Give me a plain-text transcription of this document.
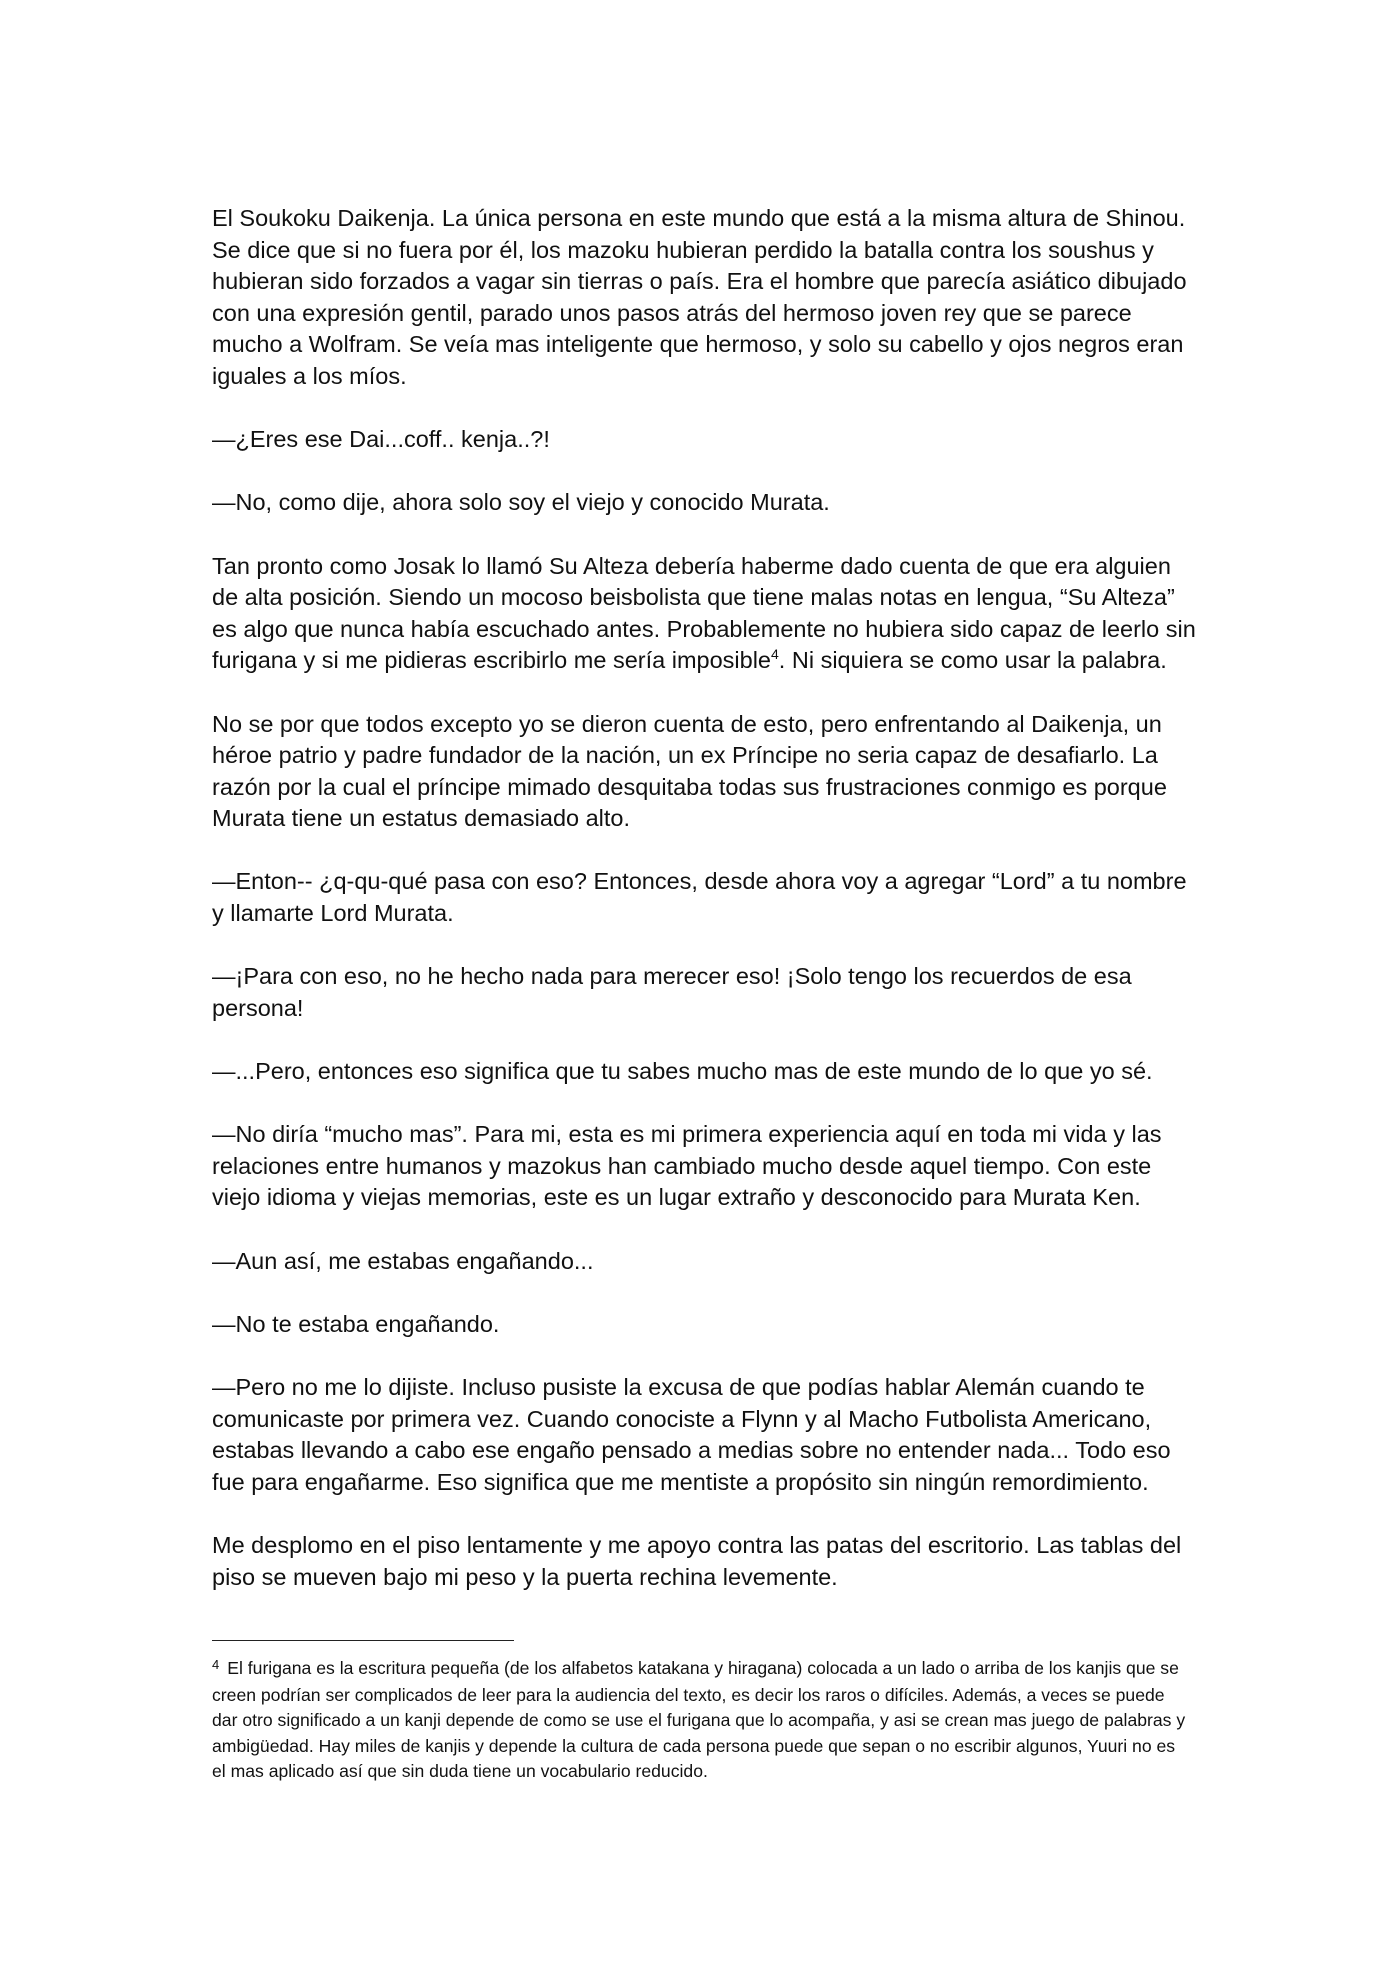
El Soukoku Daikenja. La única persona en este mundo que está a la misma altura de Shinou. Se dice que si no fuera por él, los mazoku hubieran perdido la batalla contra los soushus y hubieran sido forzados a vagar sin tierras o país. Era el hombre que parecía asiático dibujado con una expresión gentil, parado unos pasos atrás del hermoso joven rey que se parece mucho a Wolfram. Se veía mas inteligente que hermoso, y solo su cabello y ojos negros eran iguales a los míos.

—¿Eres ese Dai...coff.. kenja..?!

—No, como dije, ahora solo soy el viejo y conocido Murata.

Tan pronto como Josak lo llamó Su Alteza debería haberme dado cuenta de que era alguien de alta posición. Siendo un mocoso beisbolista que tiene malas notas en lengua, “Su Alteza” es algo que nunca había escuchado antes. Probablemente no hubiera sido capaz de leerlo sin furigana y si me pidieras escribirlo me sería imposible$^4$. Ni siquiera se como usar la palabra.

No se por que todos excepto yo se dieron cuenta de esto, pero enfrentando al Daikenja, un héroe patrio y padre fundador de la nación, un ex Príncipe no seria capaz de desafiarlo. La razón por la cual el príncipe mimado desquitaba todas sus frustraciones conmigo es porque Murata tiene un estatus demasiado alto.

—Enton-- ¿q-qu-qué pasa con eso? Entonces, desde ahora voy a agregar “Lord” a tu nombre y llamarte Lord Murata.

—¡Para con eso, no he hecho nada para merecer eso! ¡Solo tengo los recuerdos de esa persona!

—...Pero, entonces eso significa que tu sabes mucho mas de este mundo de lo que yo sé.

—No diría “mucho mas”. Para mi, esta es mi primera experiencia aquí en toda mi vida y las relaciones entre humanos y mazokus han cambiado mucho desde aquel tiempo. Con este viejo idioma y viejas memorias, este es un lugar extraño y desconocido para Murata Ken.

—Aun así, me estabas engañando...

—No te estaba engañando.

—Pero no me lo dijiste. Incluso pusiste la excusa de que podías hablar Alemán cuando te comunicaste por primera vez. Cuando conociste a Flynn y al Macho Futbolista Americano, estabas llevando a cabo ese engaño pensado a medias sobre no entender nada... Todo eso fue para engañarme. Eso significa que me mentiste a propósito sin ningún remordimiento.

Me desplomo en el piso lentamente y me apoyo contra las patas del escritorio. Las tablas del piso se mueven bajo mi peso y la puerta rechina levemente.

$^4$ El furigana es la escritura pequeña (de los alfabetos katakana y hiragana) colocada a un lado o arriba de los kanjis que se creen podrían ser complicados de leer para la audiencia del texto, es decir los raros o difíciles. Además, a veces se puede dar otro significado a un kanji depende de como se use el furigana que lo acompaña, y asi se crean mas juego de palabras y ambigüedad. Hay miles de kanjis y depende la cultura de cada persona puede que sepan o no escribir algunos, Yuuri no es el mas aplicado así que sin duda tiene un vocabulario reducido.
